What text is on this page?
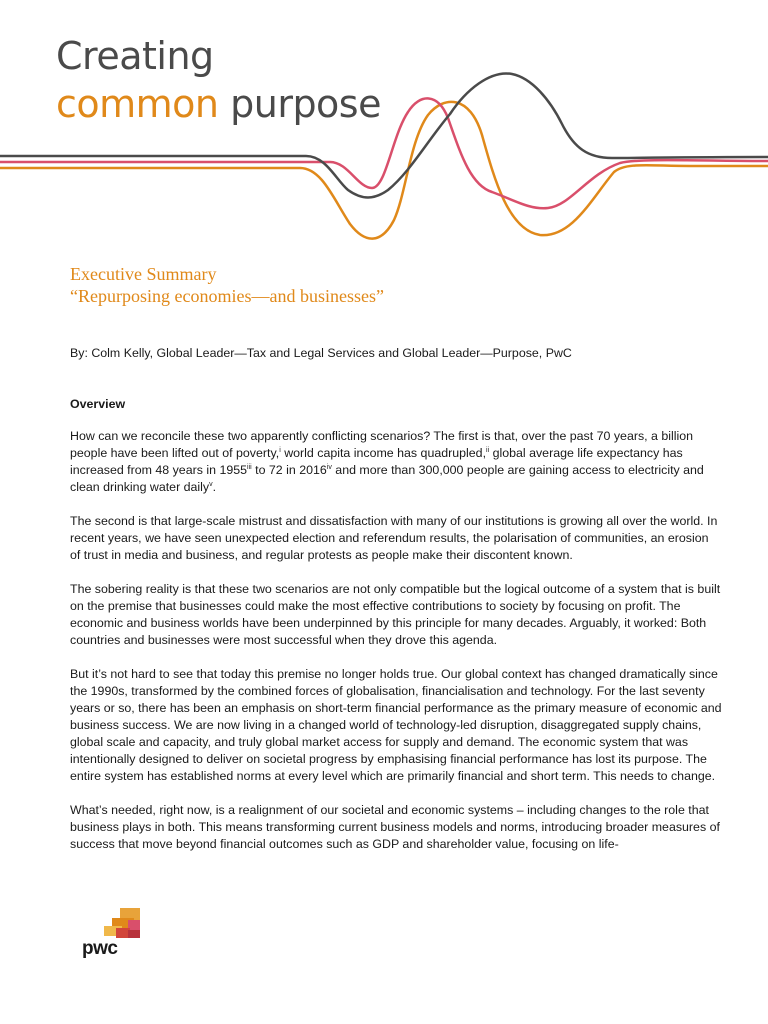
Creating
common purpose
Executive Summary
“Repurposing economies—and businesses”

By: Colm Kelly, Global Leader—Tax and Legal Services and Global Leader—Purpose, PwC

Overview

How can we reconcile these two apparently conflicting scenarios? The first is that, over the past 70 years, a billion people have been lifted out of poverty,$^i$ world capita income has quadrupled,$^{ii}$ global average life expectancy has increased from 48 years in 1955$^{iii}$ to 72 in 2016$^{iv}$ and more than 300,000 people are gaining access to electricity and clean drinking water daily$^v$.

The second is that large-scale mistrust and dissatisfaction with many of our institutions is growing all over the world. In recent years, we have seen unexpected election and referendum results, the polarisation of communities, an erosion of trust in media and business, and regular protests as people make their discontent known.

The sobering reality is that these two scenarios are not only compatible but the logical outcome of a system that is built on the premise that businesses could make the most effective contributions to society by focusing on profit. The economic and business worlds have been underpinned by this principle for many decades. Arguably, it worked: Both countries and businesses were most successful when they drove this agenda.

But it’s not hard to see that today this premise no longer holds true. Our global context has changed dramatically since the 1990s, transformed by the combined forces of globalisation, financialisation and technology. For the last seventy years or so, there has been an emphasis on short-term financial performance as the primary measure of economic and business success. We are now living in a changed world of technology-led disruption, disaggregated supply chains, global scale and capacity, and truly global market access for supply and demand. The economic system that was intentionally designed to deliver on societal progress by emphasising financial performance has lost its purpose. The entire system has established norms at every level which are primarily financial and short term. This needs to change.

What’s needed, right now, is a realignment of our societal and economic systems – including changes to the role that business plays in both. This means transforming current business models and norms, introducing broader measures of success that move beyond financial outcomes such as GDP and shareholder value, focusing on life-

pwc
